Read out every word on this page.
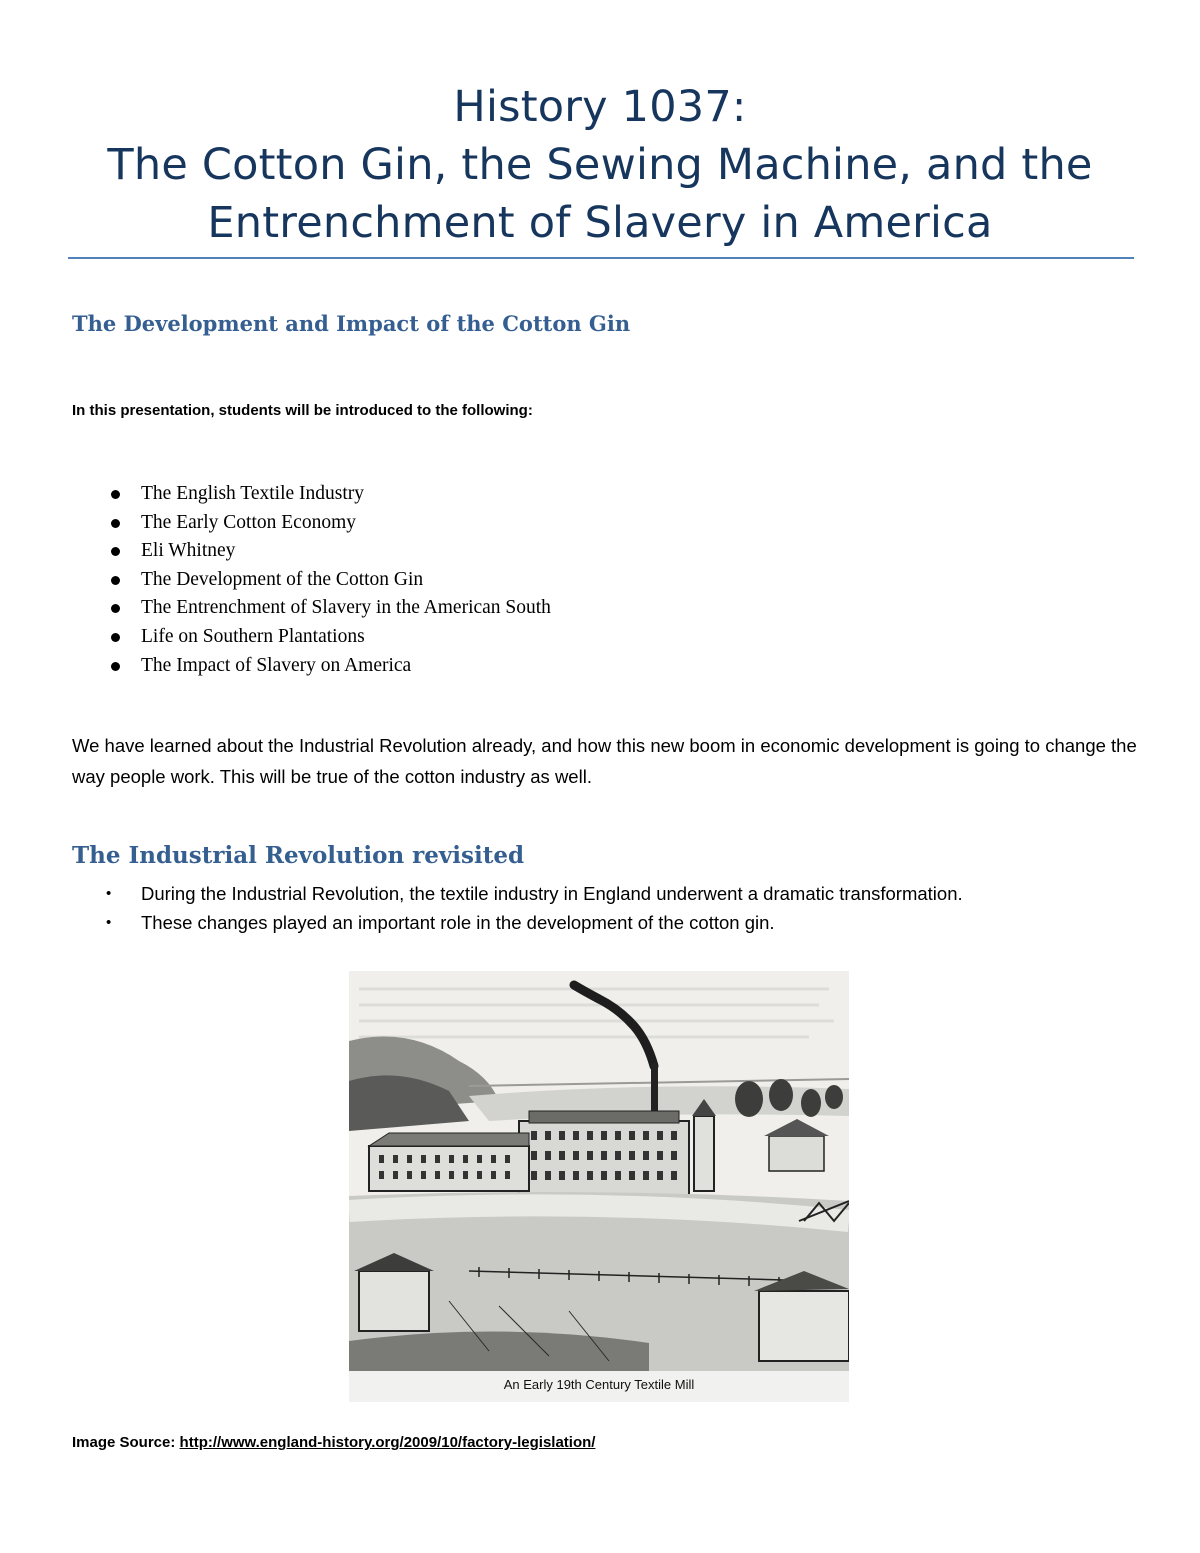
History 1037:
The Cotton Gin, the Sewing Machine, and the
Entrenchment of Slavery in America
The Development and Impact of the Cotton Gin
In this presentation, students will be introduced to the following:
The English Textile Industry
The Early Cotton Economy
Eli Whitney
The Development of the Cotton Gin
The Entrenchment of Slavery in the American South
Life on Southern Plantations
The Impact of Slavery on America
We have learned about the Industrial Revolution already, and how this new boom in economic development is going to change the way people work. This will be true of the cotton industry as well.
The Industrial Revolution revisited
• During the Industrial Revolution, the textile industry in England underwent a dramatic transformation.
• These changes played an important role in the development of the cotton gin.
An Early 19th Century Textile Mill
Image Source: http://www.england-history.org/2009/10/factory-legislation/
